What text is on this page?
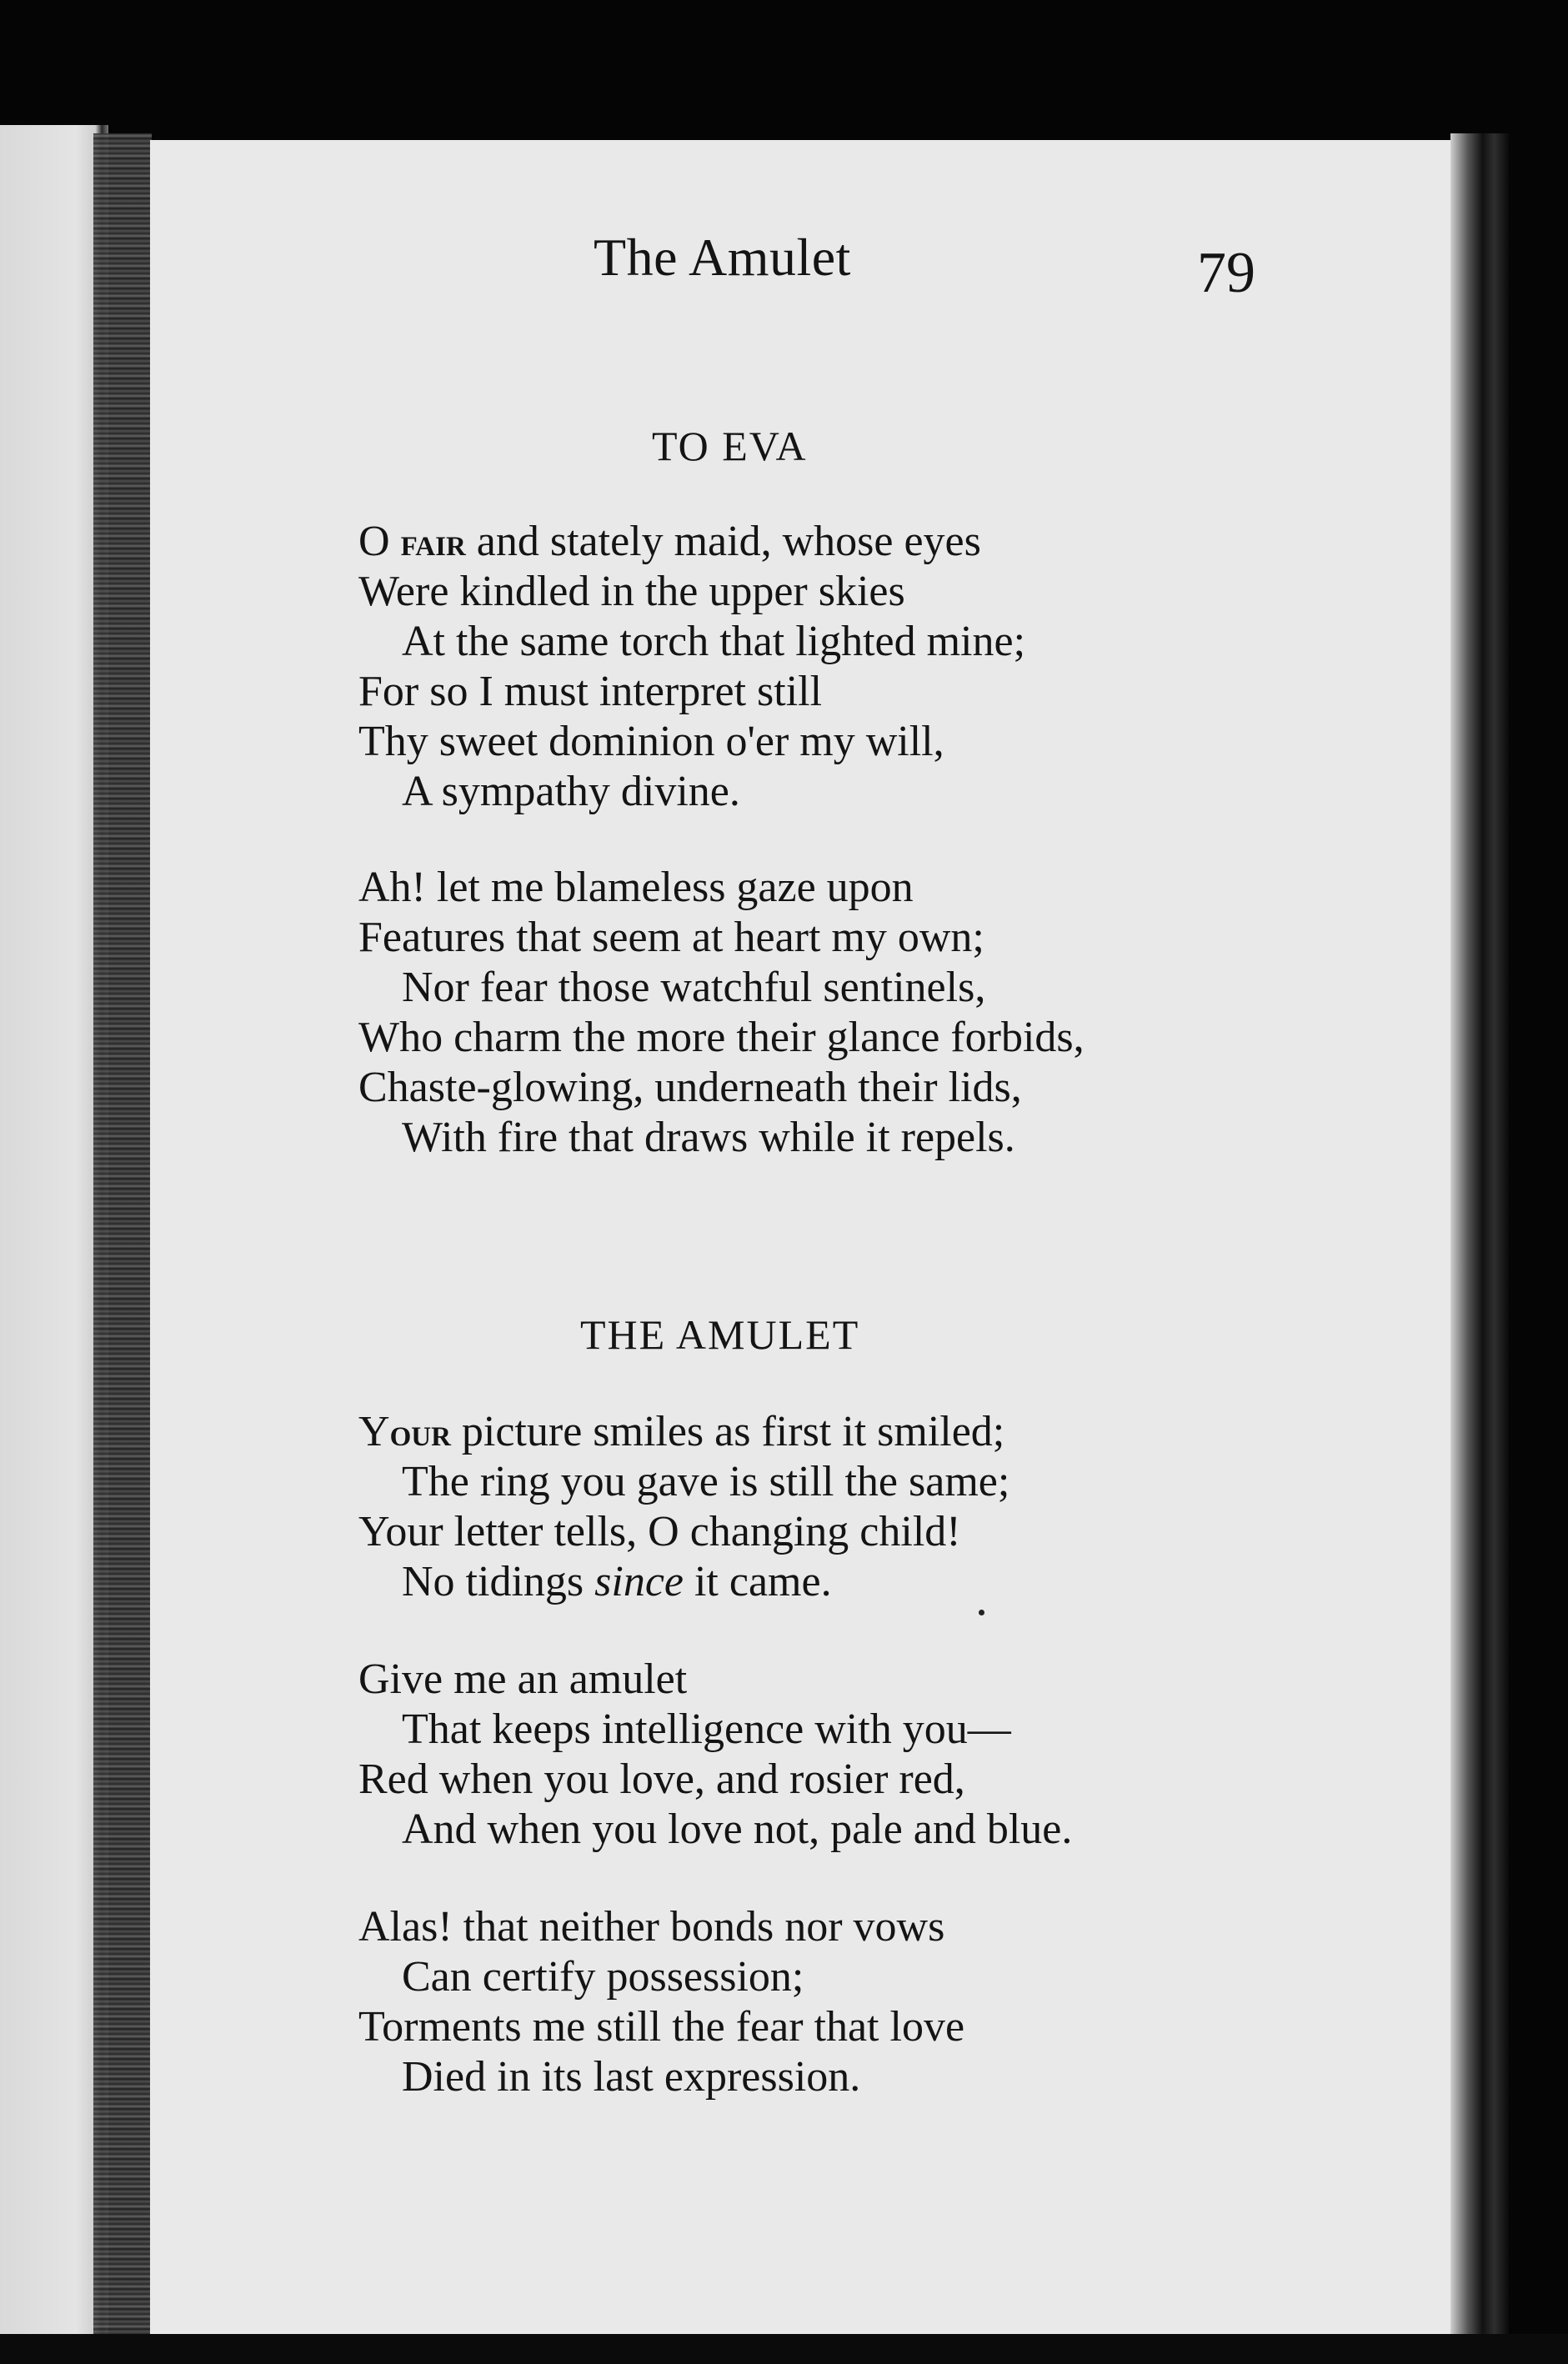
The Amulet	79
TO EVA
O fair and stately maid, whose eyes
Were kindled in the upper skies
At the same torch that lighted mine;
For so I must interpret still
Thy sweet dominion o'er my will,
A sympathy divine.
Ah! let me blameless gaze upon
Features that seem at heart my own;
Nor fear those watchful sentinels,
Who charm the more their glance forbids,
Chaste-glowing, underneath their lids,
With fire that draws while it repels.
THE AMULET
Your picture smiles as first it smiled;
The ring you gave is still the same;
Your letter tells, O changing child!
No tidings since it came.
Give me an amulet
That keeps intelligence with you—
Red when you love, and rosier red,
And when you love not, pale and blue.
Alas! that neither bonds nor vows
Can certify possession;
Torments me still the fear that love
Died in its last expression.
